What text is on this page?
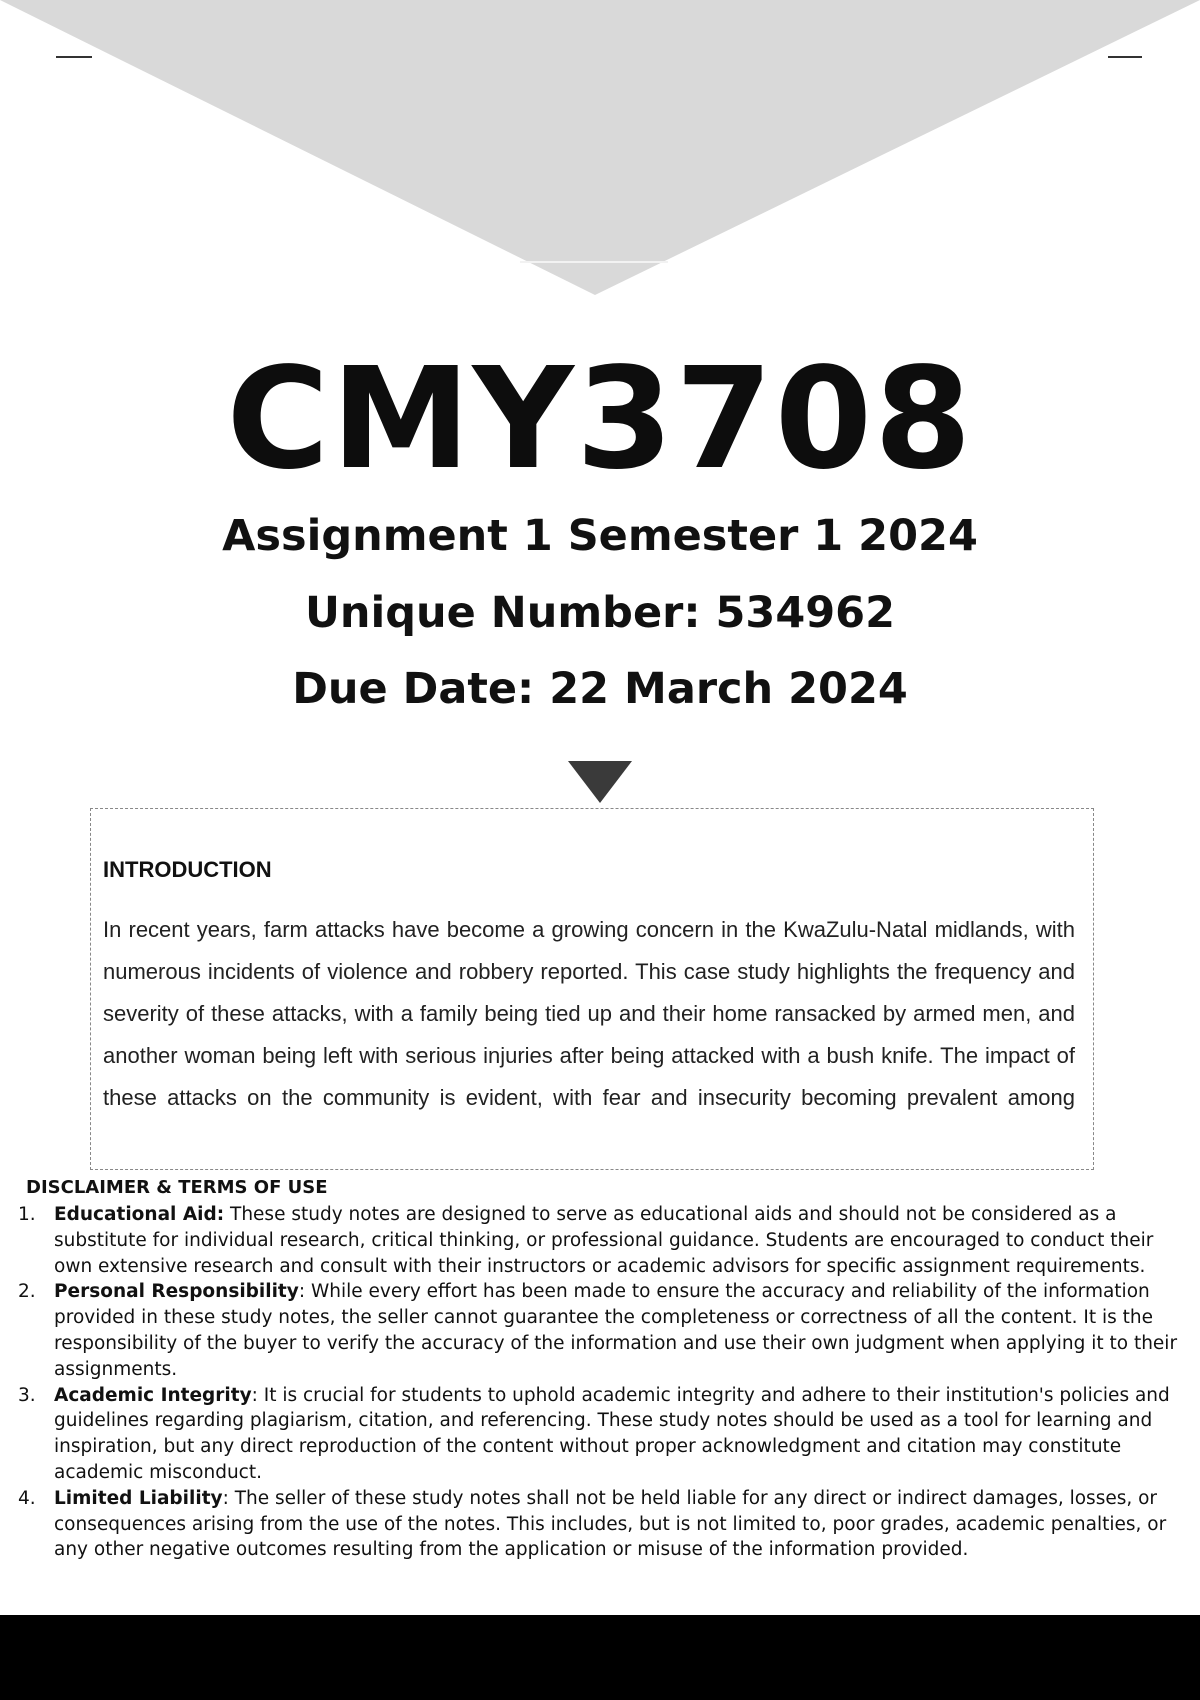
CMY3708
Assignment 1 Semester 1 2024
Unique Number: 534962
Due Date: 22 March 2024
INTRODUCTION
In recent years, farm attacks have become a growing concern in the KwaZulu-Natal midlands, with numerous incidents of violence and robbery reported. This case study highlights the frequency and severity of these attacks, with a family being tied up and their home ransacked by armed men, and another woman being left with serious injuries after being attacked with a bush knife. The impact of these attacks on the community is evident, with fear and insecurity becoming prevalent among
DISCLAIMER & TERMS OF USE
1. Educational Aid: These study notes are designed to serve as educational aids and should not be considered as a substitute for individual research, critical thinking, or professional guidance. Students are encouraged to conduct their own extensive research and consult with their instructors or academic advisors for specific assignment requirements.
2. Personal Responsibility: While every effort has been made to ensure the accuracy and reliability of the information provided in these study notes, the seller cannot guarantee the completeness or correctness of all the content. It is the responsibility of the buyer to verify the accuracy of the information and use their own judgment when applying it to their assignments.
3. Academic Integrity: It is crucial for students to uphold academic integrity and adhere to their institution's policies and guidelines regarding plagiarism, citation, and referencing. These study notes should be used as a tool for learning and inspiration, but any direct reproduction of the content without proper acknowledgment and citation may constitute academic misconduct.
4. Limited Liability: The seller of these study notes shall not be held liable for any direct or indirect damages, losses, or consequences arising from the use of the notes. This includes, but is not limited to, poor grades, academic penalties, or any other negative outcomes resulting from the application or misuse of the information provided.
